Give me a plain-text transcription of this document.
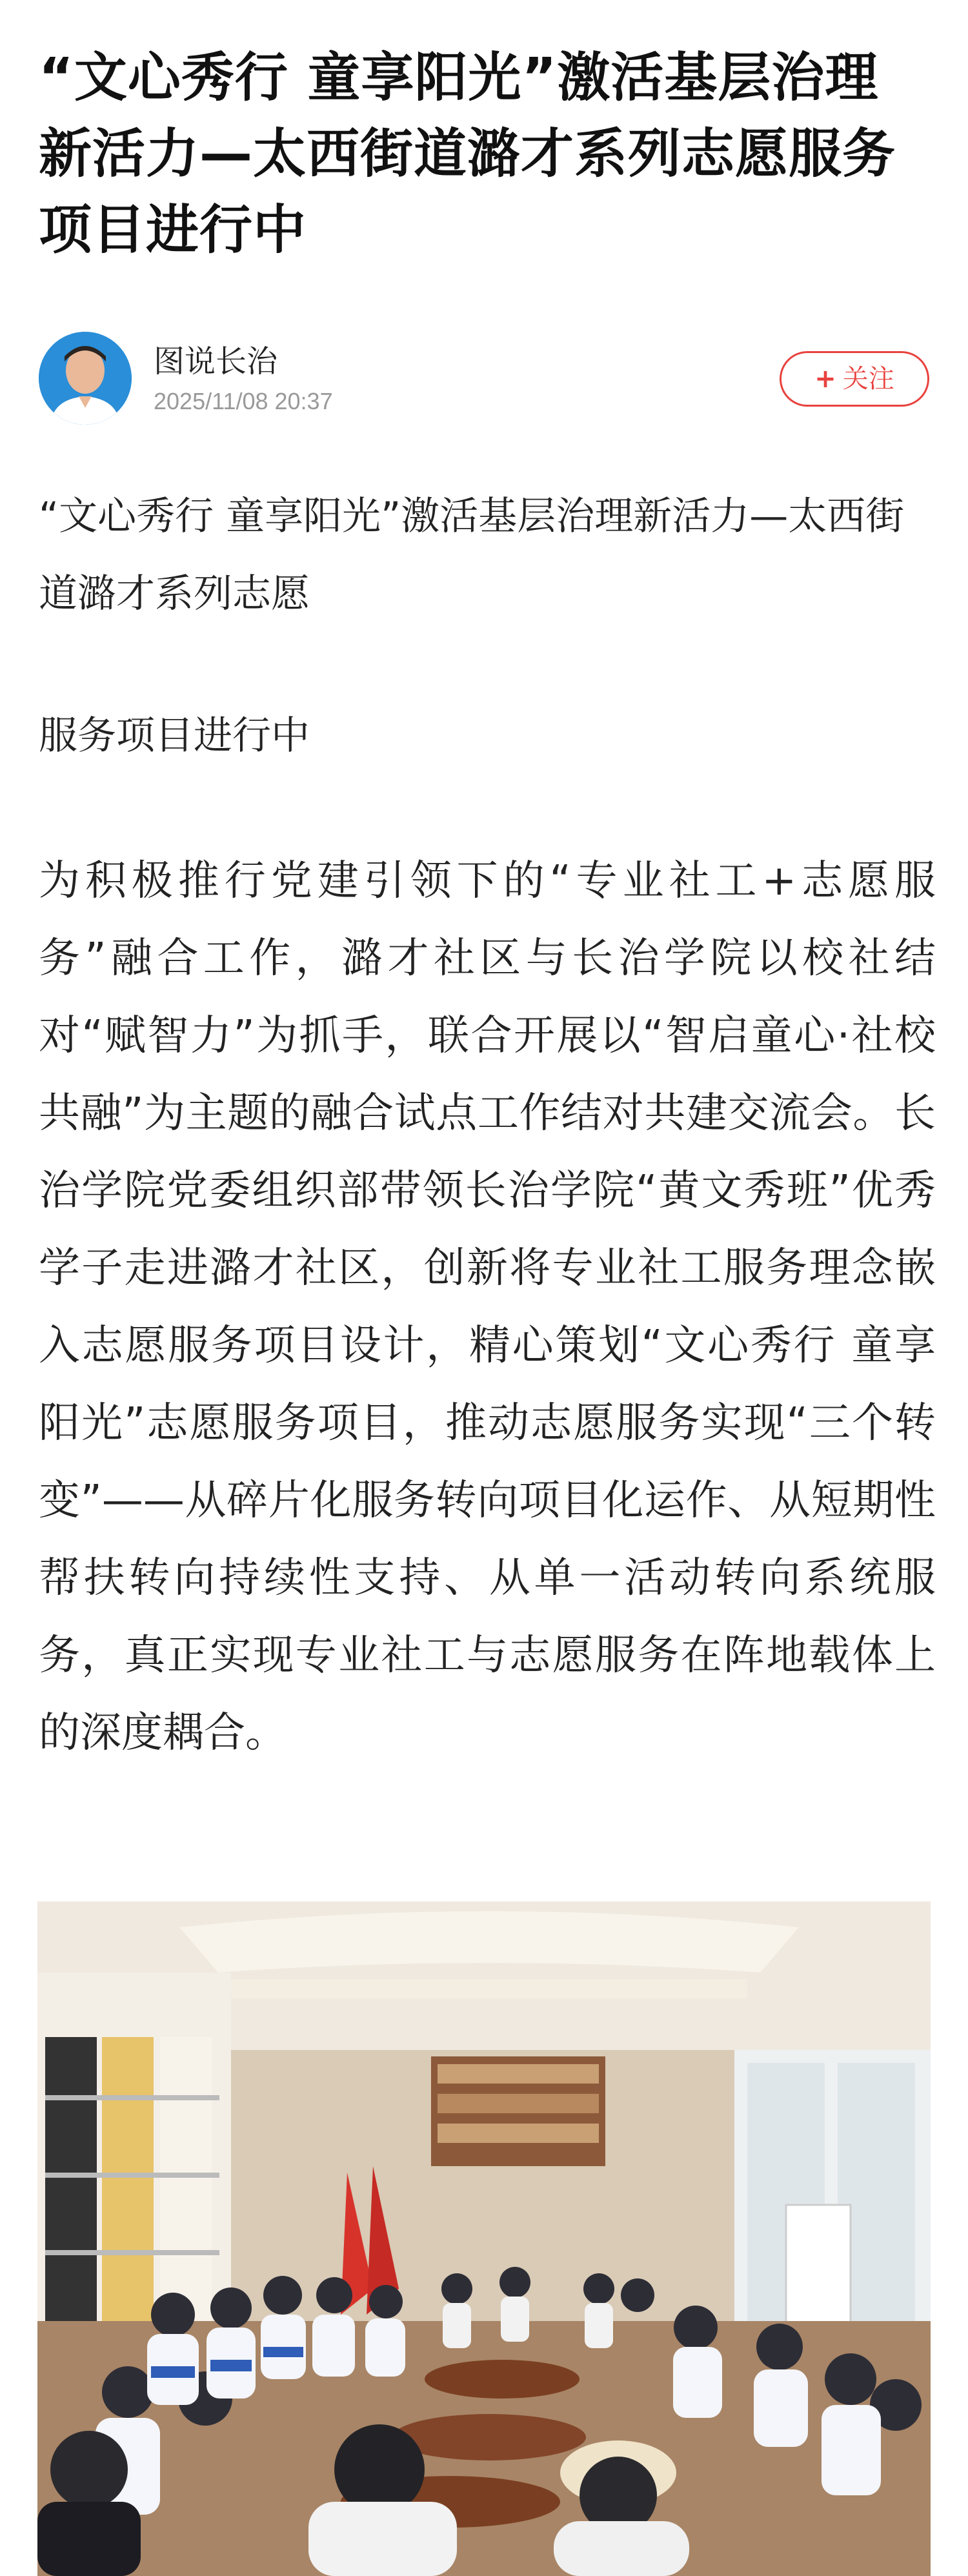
“文心秀行 童享阳光”激活基层治理新活力—太西街道潞才系列志愿服务项目进行中
图说长治
2025/11/08 20:37
+ 关注

“文心秀行 童享阳光”激活基层治理新活力—太西街道潞才系列志愿

服务项目进行中

为积极推行党建引领下的“专业社工+志愿服务”融合工作，潞才社区与长治学院以校社结对“赋智力”为抓手，联合开展以“智启童心·社校共融”为主题的融合试点工作结对共建交流会。长治学院党委组织部带领长治学院“黄文秀班”优秀学子走进潞才社区，创新将专业社工服务理念嵌入志愿服务项目设计，精心策划“文心秀行 童享阳光”志愿服务项目，推动志愿服务实现“三个转变”——从碎片化服务转向项目化运作、从短期性帮扶转向持续性支持、从单一活动转向系统服务，真正实现专业社工与志愿服务在阵地载体上的深度耦合。
